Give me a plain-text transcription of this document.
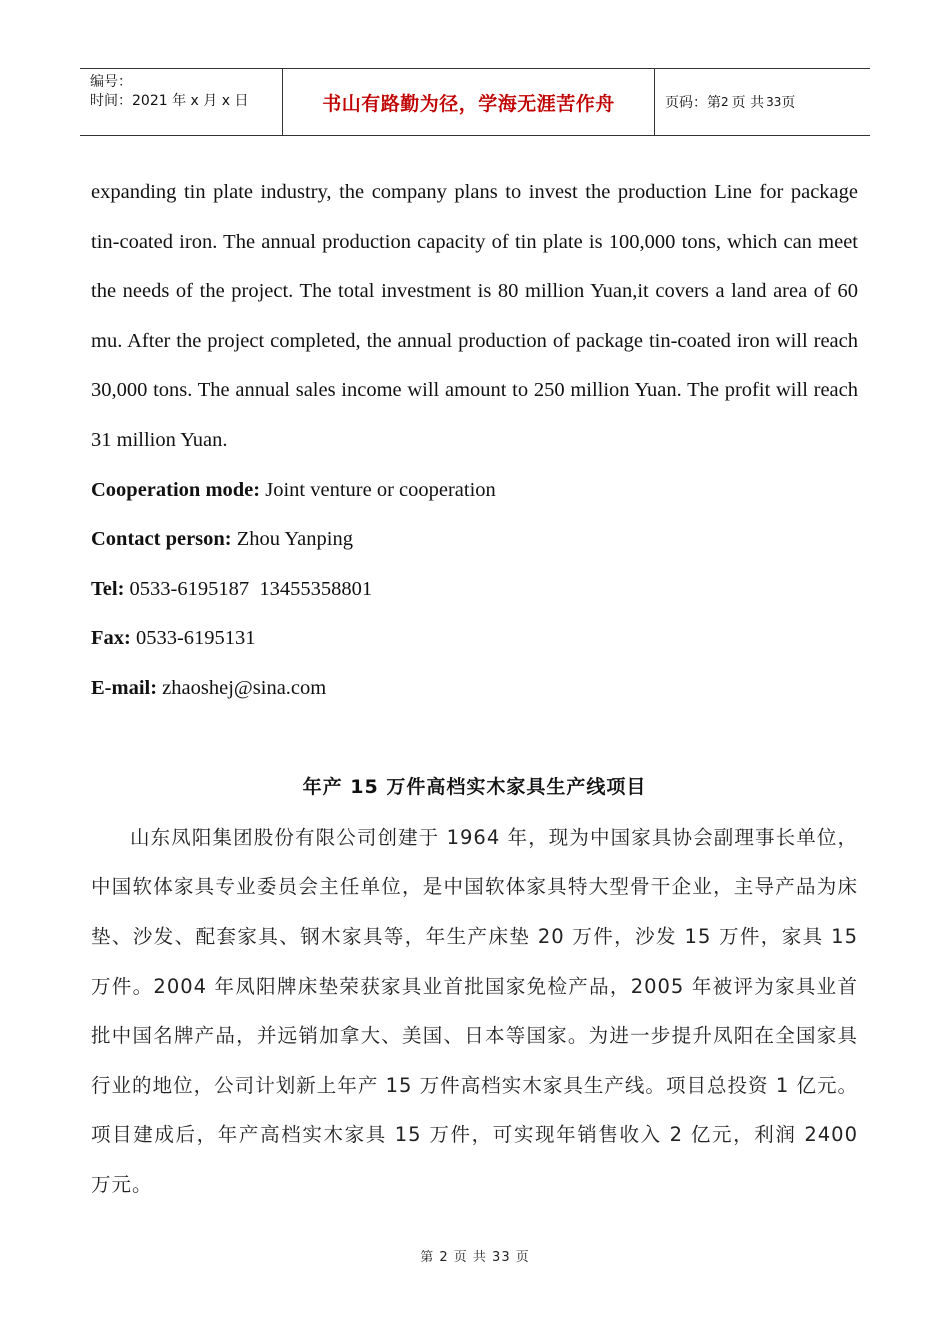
编号：
时间：2021 年 x 月 x 日	书山有路勤为径，学海无涯苦作舟	页码：第 2 页 共 33 页

expanding tin plate industry, the company plans to invest the production Line for package tin-coated iron. The annual production capacity of tin plate is 100,000 tons, which can meet the needs of the project. The total investment is 80 million Yuan,it covers a land area of 60 mu. After the project completed, the annual production of package tin-coated iron will reach 30,000 tons. The annual sales income will amount to 250 million Yuan. The profit will reach 31 million Yuan.

Cooperation mode: Joint venture or cooperation

Contact person: Zhou Yanping

Tel: 0533-6195187  13455358801

Fax: 0533-6195131

E-mail: zhaoshej@sina.com

年产 15 万件高档实木家具生产线项目

山东凤阳集团股份有限公司创建于 1964 年，现为中国家具协会副理事长单位，中国软体家具专业委员会主任单位，是中国软体家具特大型骨干企业，主导产品为床垫、沙发、配套家具、钢木家具等，年生产床垫 20 万件，沙发 15 万件，家具 15 万件。2004 年凤阳牌床垫荣获家具业首批国家免检产品，2005 年被评为家具业首批中国名牌产品，并远销加拿大、美国、日本等国家。为进一步提升凤阳在全国家具行业的地位，公司计划新上年产 15 万件高档实木家具生产线。项目总投资 1 亿元。项目建成后，年产高档实木家具 15 万件，可实现年销售收入 2 亿元，利润 2400 万元。

第 2 页 共 33 页
